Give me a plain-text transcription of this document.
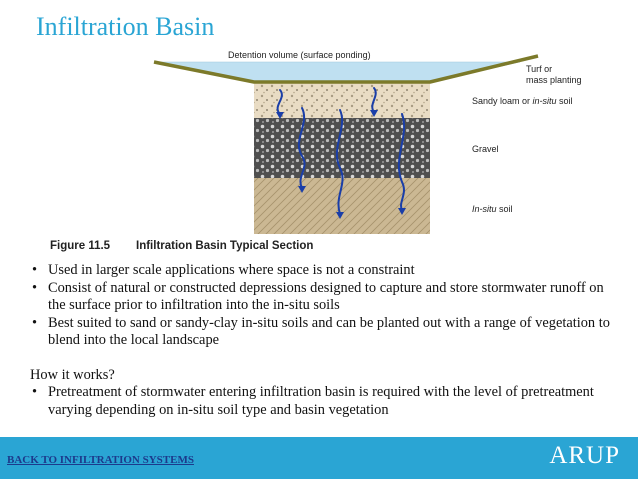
Infiltration Basin
Detention volume (surface ponding)
Turf or
mass planting
Sandy loam or in-situ soil
Gravel
In-situ soil
Figure 11.5 Infiltration Basin Typical Section
• Used in larger scale applications where space is not a constraint
• Consist of natural or constructed depressions designed to capture and store stormwater runoff on the surface prior to infiltration into the in-situ soils
• Best suited to sand or sandy-clay in-situ soils and can be planted out with a range of vegetation to blend into the local landscape
How it works?
• Pretreatment of stormwater entering infiltration basin is required with the level of pretreatment varying depending on in-situ soil type and basin vegetation
BACK TO INFILTRATION SYSTEMS	ARUP
